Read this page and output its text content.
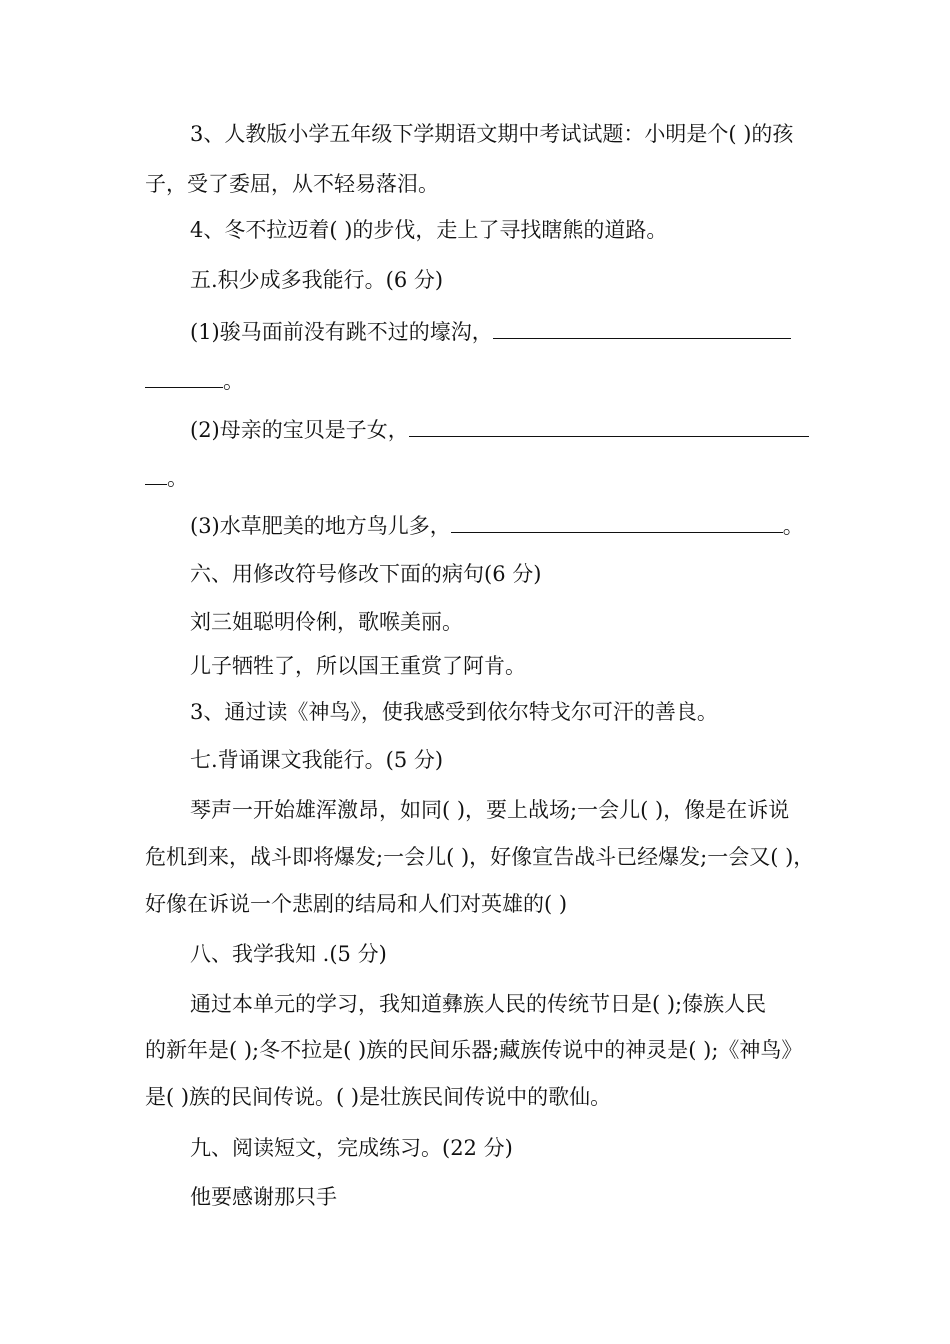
3、人教版小学五年级下学期语文期中考试试题：小明是个( )的孩
子，受了委屈，从不轻易落泪。
4、冬不拉迈着( )的步伐，走上了寻找瞎熊的道路。
五.积少成多我能行。(6 分)
(1)骏马面前没有跳不过的壕沟，
。
(2)母亲的宝贝是子女，
。
(3)水草肥美的地方鸟儿多，	。
六、用修改符号修改下面的病句(6 分)
刘三姐聪明伶俐，歌喉美丽。
儿子牺牲了，所以国王重赏了阿肯。
3、通过读《神鸟》，使我感受到依尔特戈尔可汗的善良。
七.背诵课文我能行。(5 分)
琴声一开始雄浑激昂，如同( )，要上战场;一会儿( )，像是在诉说
危机到来，战斗即将爆发;一会儿( )，好像宣告战斗已经爆发;一会又( )，
好像在诉说一个悲剧的结局和人们对英雄的( )
八、我学我知 .(5 分)
通过本单元的学习，我知道彝族人民的传统节日是( );傣族人民
的新年是( );冬不拉是( )族的民间乐器;藏族传说中的神灵是( );《神鸟》
是( )族的民间传说。( )是壮族民间传说中的歌仙。
九、阅读短文，完成练习。(22 分)
他要感谢那只手
